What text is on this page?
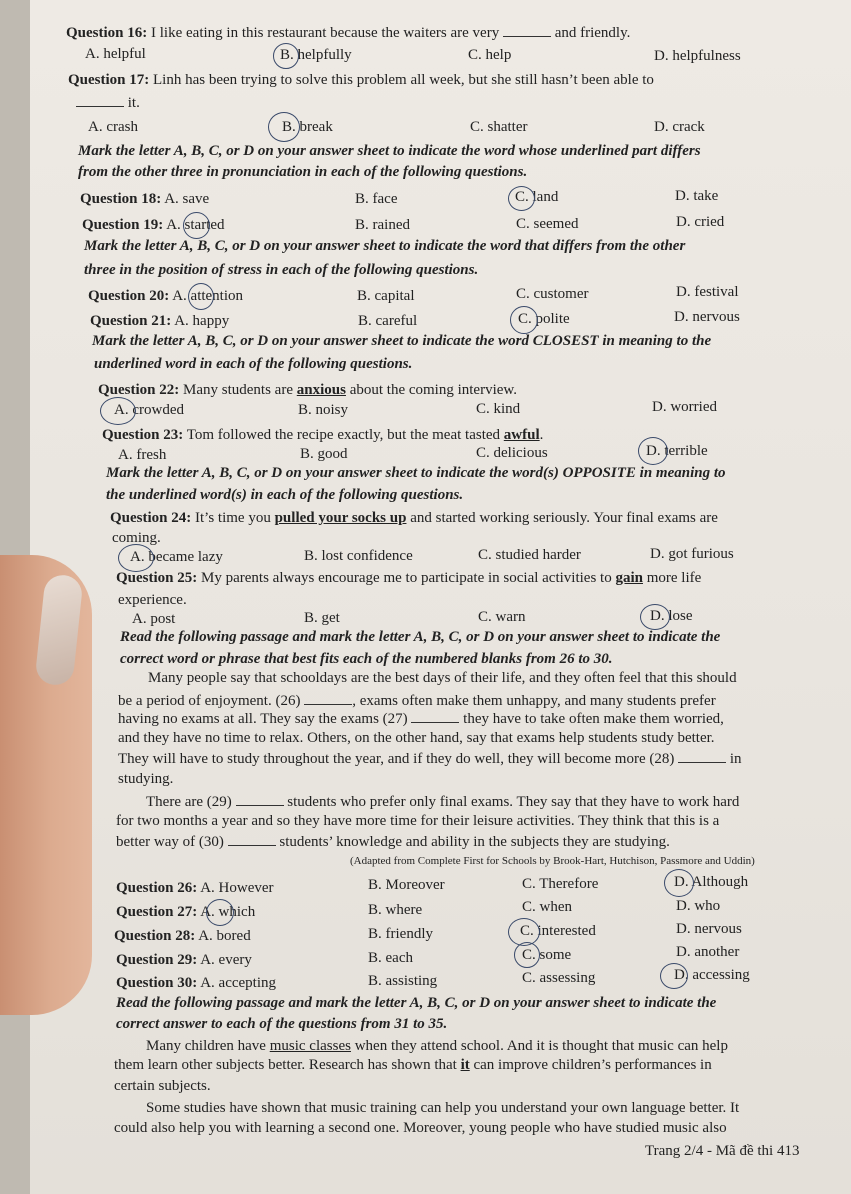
Question 16: I like eating in this restaurant because the waiters are very	and friendly.
A. helpful	B. helpfully	C. help	D. helpfulness
Question 17: Linh has been trying to solve this problem all week, but she still hasn’t been able to
it.
A. crash	B. break	C. shatter	D. crack
Mark the letter A, B, C, or D on your answer sheet to indicate the word whose underlined part differs
from the other three in pronunciation in each of the following questions.
Question 18: A. save	B. face	C. land	D. take
Question 19: A. started	B. rained	C. seemed	D. cried
Mark the letter A, B, C, or D on your answer sheet to indicate the word that differs from the other
three in the position of stress in each of the following questions.
Question 20: A. attention	B. capital	C. customer	D. festival
Question 21: A. happy	B. careful	C. polite	D. nervous
Mark the letter A, B, C, or D on your answer sheet to indicate the word CLOSEST in meaning to the
underlined word in each of the following questions.
Question 22: Many students are anxious about the coming interview.
A. crowded	B. noisy	C. kind	D. worried
Question 23: Tom followed the recipe exactly, but the meat tasted awful.
A. fresh	B. good	C. delicious	D. terrible
Mark the letter A, B, C, or D on your answer sheet to indicate the word(s) OPPOSITE in meaning to
the underlined word(s) in each of the following questions.
Question 24: It’s time you pulled your socks up and started working seriously. Your final exams are
coming.
A. became lazy	B. lost confidence	C. studied harder	D. got furious
Question 25: My parents always encourage me to participate in social activities to gain more life
experience.
A. post	B. get	C. warn	D. lose
Read the following passage and mark the letter A, B, C, or D on your answer sheet to indicate the
correct word or phrase that best fits each of the numbered blanks from 26 to 30.
Many people say that schooldays are the best days of their life, and they often feel that this should
be a period of enjoyment. (26)	, exams often make them unhappy, and many students prefer
having no exams at all. They say the exams (27)	they have to take often make them worried,
and they have no time to relax. Others, on the other hand, say that exams help students study better.
They will have to study throughout the year, and if they do well, they will become more (28)	in
studying.
There are (29)	students who prefer only final exams. They say that they have to work hard
for two months a year and so they have more time for their leisure activities. They think that this is a
better way of (30)	students’ knowledge and ability in the subjects they are studying.
(Adapted from Complete First for Schools by Brook-Hart, Hutchison, Passmore and Uddin)
Question 26: A. However	B. Moreover	C. Therefore	D. Although
Question 27: A. which	B. where	C. when	D. who
Question 28: A. bored	B. friendly	C. interested	D. nervous
Question 29: A. every	B. each	C. some	D. another
Question 30: A. accepting	B. assisting	C. assessing	D. accessing
Read the following passage and mark the letter A, B, C, or D on your answer sheet to indicate the
correct answer to each of the questions from 31 to 35.
Many children have music classes when they attend school. And it is thought that music can help
them learn other subjects better. Research has shown that it can improve children’s performances in
certain subjects.
Some studies have shown that music training can help you understand your own language better. It
could also help you with learning a second one. Moreover, young people who have studied music also
Trang 2/4 - Mã đề thi 413
